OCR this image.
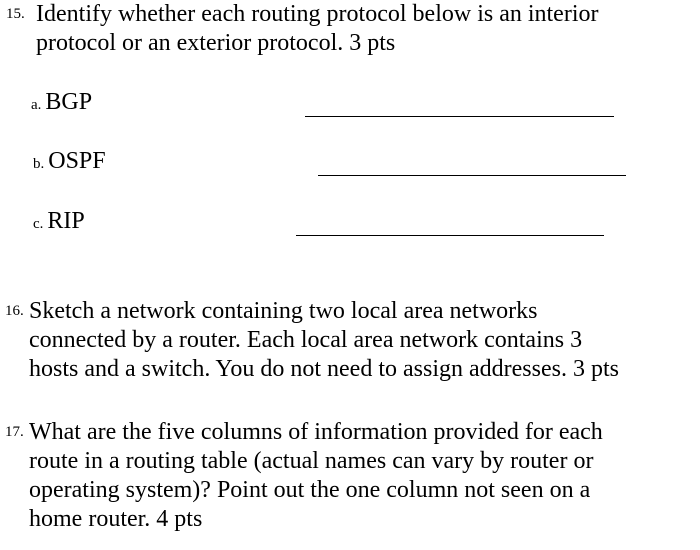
15. Identify whether each routing protocol below is an interior
protocol or an exterior protocol. 3 pts
a. BGP
b. OSPF
c. RIP
16. Sketch a network containing two local area networks
connected by a router. Each local area network contains 3
hosts and a switch. You do not need to assign addresses. 3 pts
17. What are the five columns of information provided for each
route in a routing table (actual names can vary by router or
operating system)? Point out the one column not seen on a
home router. 4 pts
